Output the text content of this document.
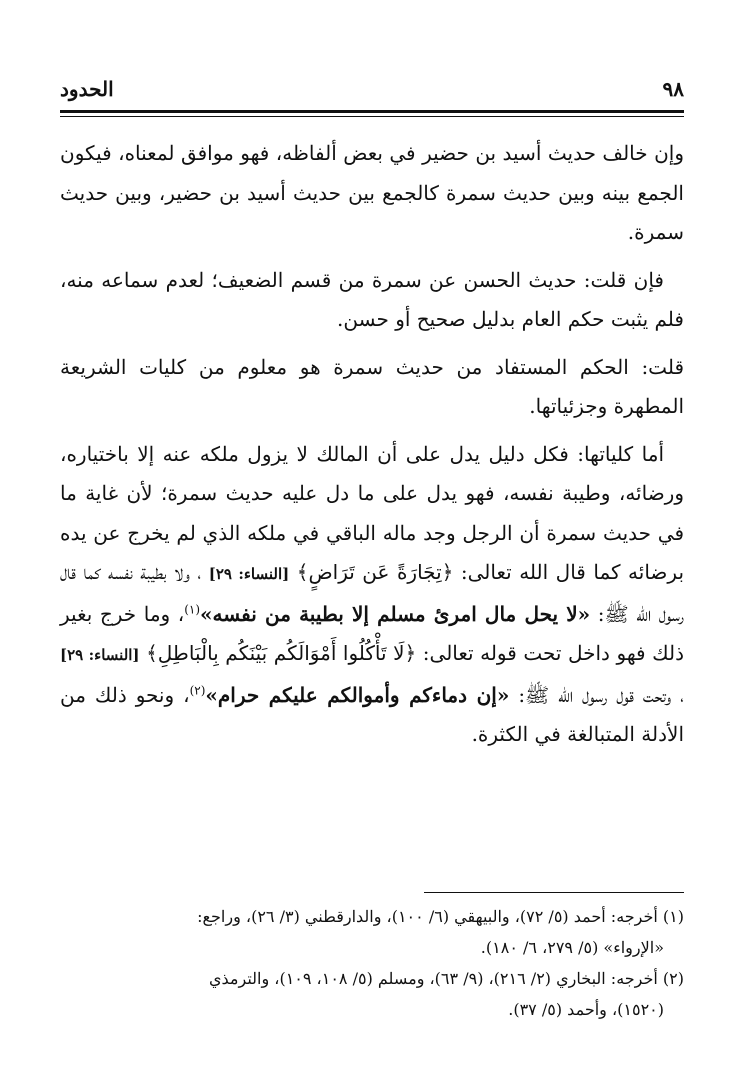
٩٨
الحدود

وإن خالف حديث أسيد بن حضير في بعض ألفاظه، فهو موافق لمعناه، فيكون الجمع بينه وبين حديث سمرة كالجمع بين حديث أسيد بن حضير، وبين حديث سمرة.

فإن قلت: حديث الحسن عن سمرة من قسم الضعيف؛ لعدم سماعه منه، فلم يثبت حكم العام بدليل صحيح أو حسن.

قلت: الحكم المستفاد من حديث سمرة هو معلوم من كليات الشريعة المطهرة وجزئياتها.

أما كلياتها: فكل دليل يدل على أن المالك لا يزول ملكه عنه إلا باختياره، ورضائه، وطيبة نفسه، فهو يدل على ما دل عليه حديث سمرة؛ لأن غاية ما في حديث سمرة أن الرجل وجد ماله الباقي في ملكه الذي لم يخرج عن يده برضائه كما قال الله تعالى: ﴿تِجَارَةً عَن تَرَاضٍ﴾ [النساء: ٢٩] ، ولا بطيبة نفسه كما قال رسول الله ﷺ: «لا يحل مال امرئ مسلم إلا بطيبة من نفسه»$^{(١)}$، وما خرج بغير ذلك فهو داخل تحت قوله تعالى: ﴿لَا تَأْكُلُوا أَمْوَالَكُم بَيْنَكُم بِالْبَاطِلِ﴾ [النساء: ٢٩] ، وتحت قول رسول الله ﷺ: «إن دماءكم وأموالكم عليكم حرام»$^{(٢)}$، ونحو ذلك من الأدلة المتبالغة في الكثرة.

(١) أخرجه: أحمد (٥/ ٧٢)، والبيهقي (٦/ ١٠٠)، والدارقطني (٣/ ٢٦)، وراجع:

«الإرواء» (٥/ ٢٧٩، ٦/ ١٨٠).

(٢) أخرجه: البخاري (٢/ ٢١٦)، (٩/ ٦٣)، ومسلم (٥/ ١٠٨، ١٠٩)، والترمذي

(١٥٢٠)، وأحمد (٥/ ٣٧).
